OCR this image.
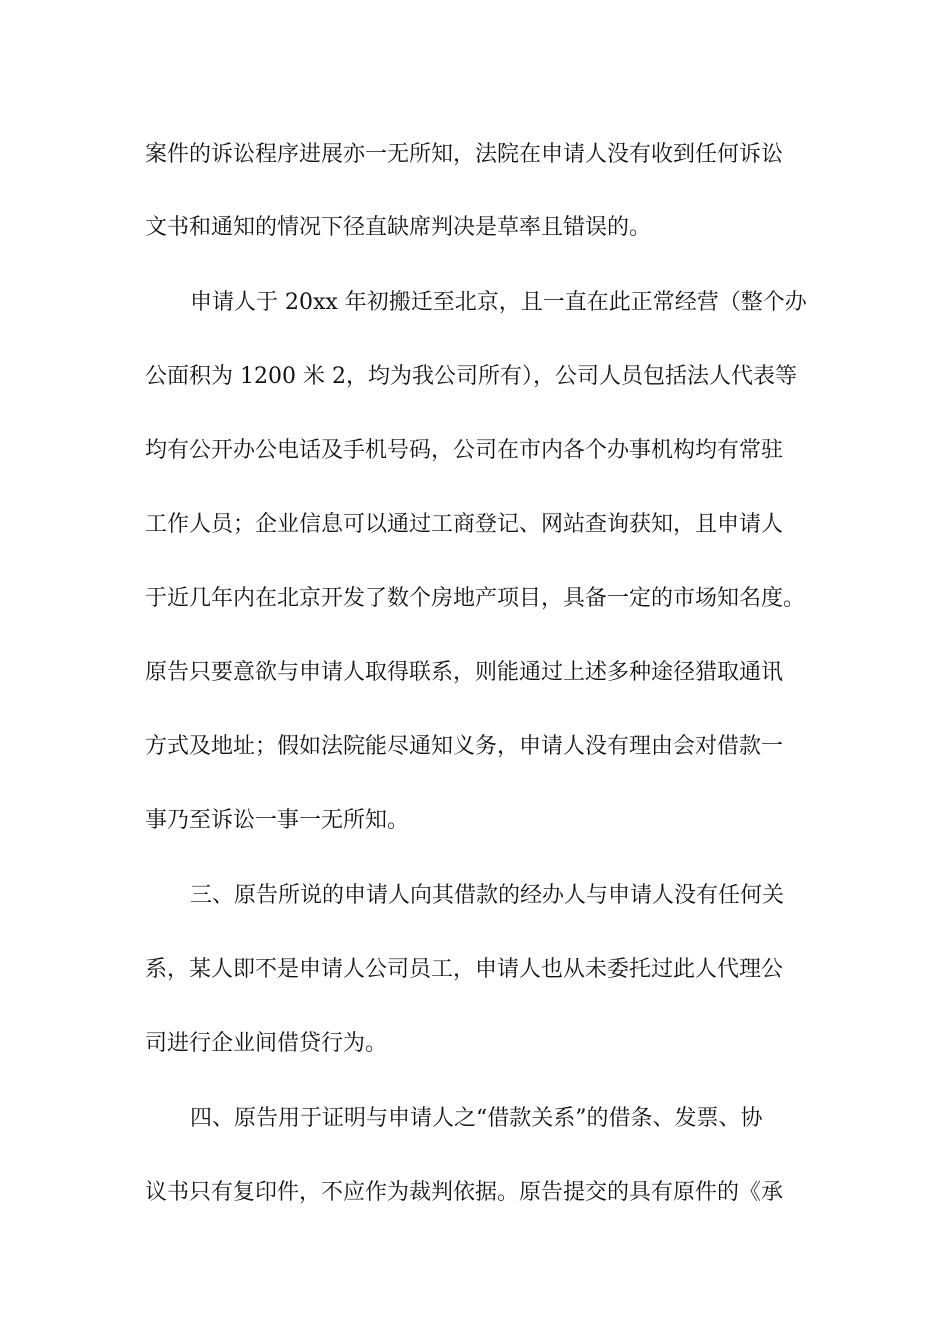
案件的诉讼程序进展亦一无所知，法院在申请人没有收到任何诉讼

文书和通知的情况下径直缺席判决是草率且错误的。

申请人于 20xx 年初搬迁至北京，且一直在此正常经营（整个办

公面积为 1200 米 2，均为我公司所有），公司人员包括法人代表等

均有公开办公电话及手机号码，公司在市内各个办事机构均有常驻

工作人员；企业信息可以通过工商登记、网站查询获知，且申请人

于近几年内在北京开发了数个房地产项目，具备一定的市场知名度。

原告只要意欲与申请人取得联系，则能通过上述多种途径猎取通讯

方式及地址；假如法院能尽通知义务，申请人没有理由会对借款一

事乃至诉讼一事一无所知。

三、原告所说的申请人向其借款的经办人与申请人没有任何关

系，某人即不是申请人公司员工，申请人也从未委托过此人代理公

司进行企业间借贷行为。

四、原告用于证明与申请人之“借款关系”的借条、发票、协

议书只有复印件，不应作为裁判依据。原告提交的具有原件的《承
